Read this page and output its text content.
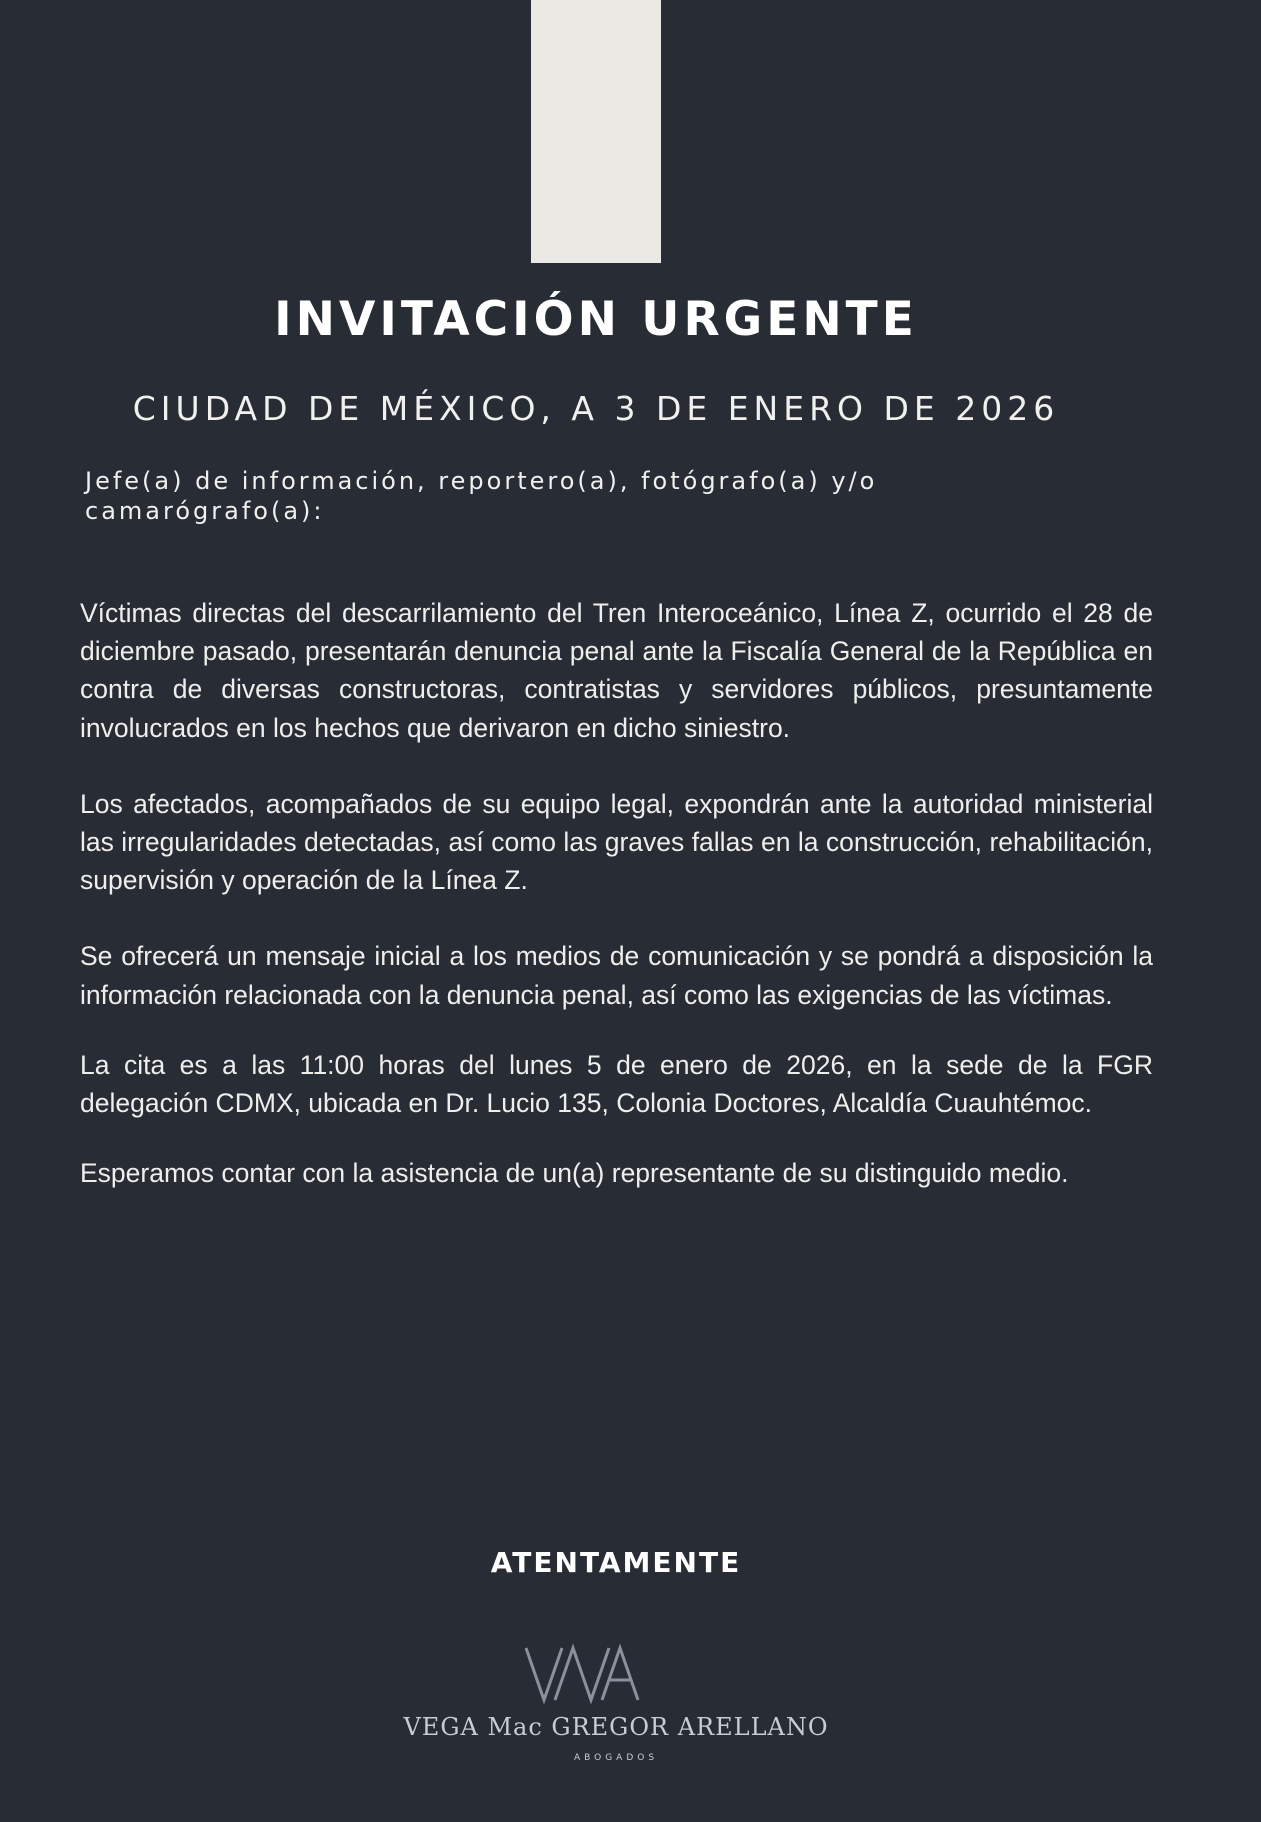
INVITACIÓN URGENTE
CIUDAD DE MÉXICO, A 3 DE ENERO DE 2026
Jefe(a) de información, reportero(a), fotógrafo(a) y/o camarógrafo(a):

Víctimas directas del descarrilamiento del Tren Interoceánico, Línea Z, ocurrido el 28 de diciembre pasado, presentarán denuncia penal ante la Fiscalía General de la República en contra de diversas constructoras, contratistas y servidores públicos, presuntamente involucrados en los hechos que derivaron en dicho siniestro.

Los afectados, acompañados de su equipo legal, expondrán ante la autoridad ministerial las irregularidades detectadas, así como las graves fallas en la construcción, rehabilitación, supervisión y operación de la Línea Z.

Se ofrecerá un mensaje inicial a los medios de comunicación y se pondrá a disposición la información relacionada con la denuncia penal, así como las exigencias de las víctimas.

La cita es a las 11:00 horas del lunes 5 de enero de 2026, en la sede de la FGR delegación CDMX, ubicada en Dr. Lucio 135, Colonia Doctores, Alcaldía Cuauhtémoc.

Esperamos contar con la asistencia de un(a) representante de su distinguido medio.

ATENTAMENTE
VEGA Mac GREGOR ARELLANO
ABOGADOS
